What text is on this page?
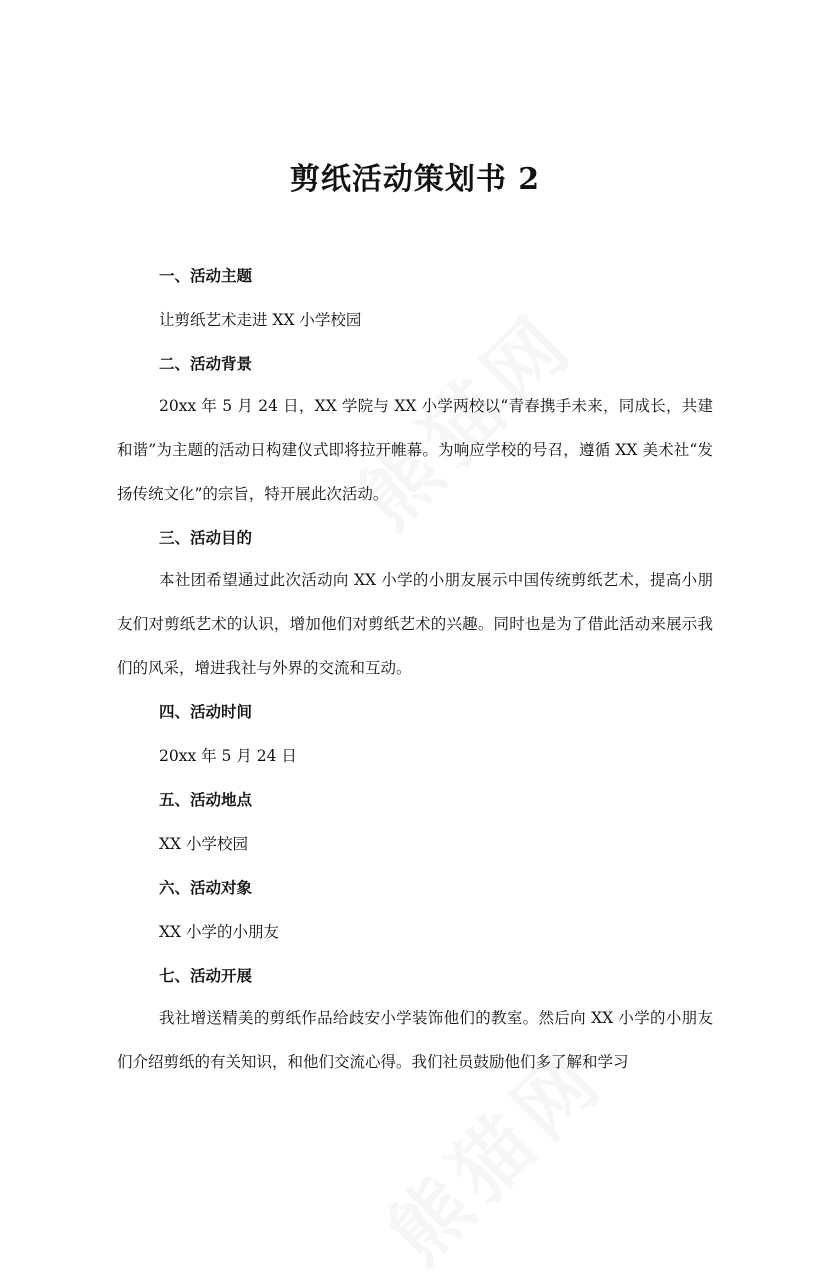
剪纸活动策划书 2
一、活动主题

让剪纸艺术走进 XX 小学校园

二、活动背景

20xx 年 5 月 24 日，XX 学院与 XX 小学两校以“青春携手未来，同成长，共建和谐”为主题的活动日构建仪式即将拉开帷幕。为响应学校的号召，遵循 XX 美术社“发扬传统文化”的宗旨，特开展此次活动。

三、活动目的

本社团希望通过此次活动向 XX 小学的小朋友展示中国传统剪纸艺术，提高小朋友们对剪纸艺术的认识，增加他们对剪纸艺术的兴趣。同时也是为了借此活动来展示我们的风采，增进我社与外界的交流和互动。

四、活动时间

20xx 年 5 月 24 日

五、活动地点

XX 小学校园

六、活动对象

XX 小学的小朋友

七、活动开展

我社增送精美的剪纸作品给歧安小学装饰他们的教室。然后向 XX 小学的小朋友们介绍剪纸的有关知识，和他们交流心得。我们社员鼓励他们多了解和学习
